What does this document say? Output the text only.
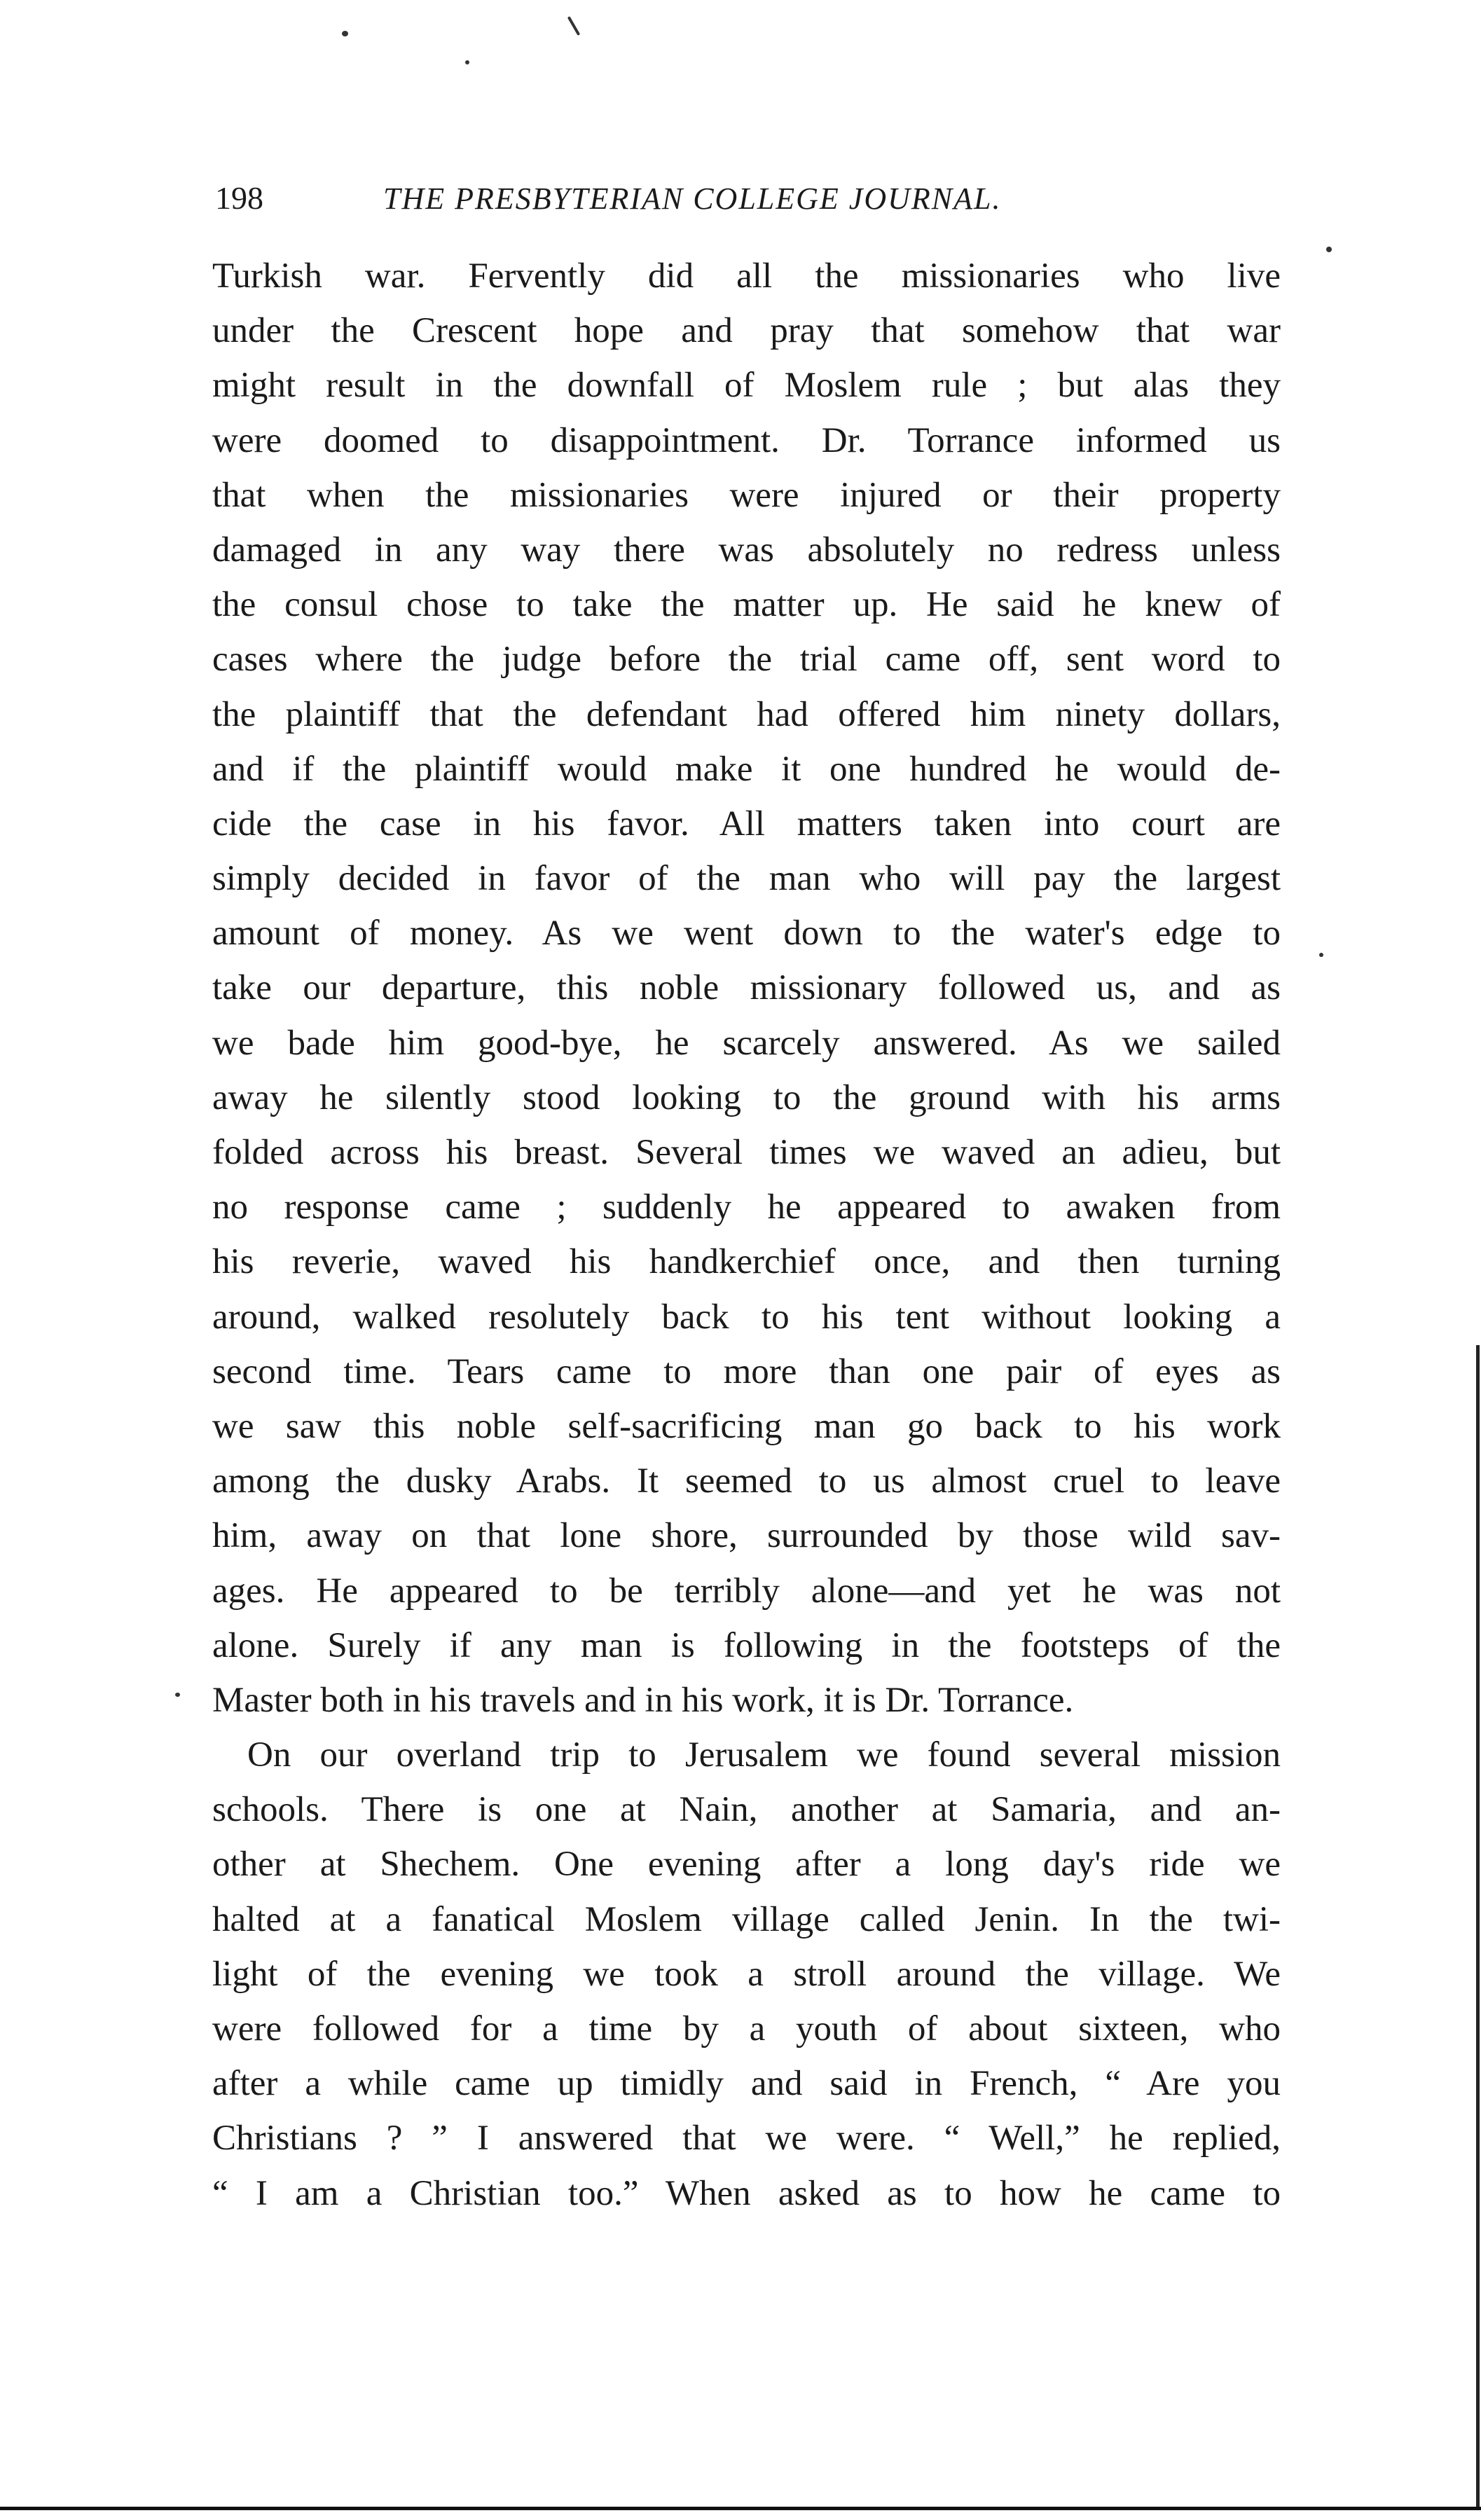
198	THE PRESBYTERIAN COLLEGE JOURNAL.
Turkish war. Fervently did all the missionaries who live
under the Crescent hope and pray that somehow that war
might result in the downfall of Moslem rule ; but alas they
were doomed to disappointment. Dr. Torrance informed us
that when the missionaries were injured or their property
damaged in any way there was absolutely no redress unless
the consul chose to take the matter up. He said he knew of
cases where the judge before the trial came off, sent word to
the plaintiff that the defendant had offered him ninety dollars,
and if the plaintiff would make it one hundred he would de-
cide the case in his favor. All matters taken into court are
simply decided in favor of the man who will pay the largest
amount of money. As we went down to the water's edge to
take our departure, this noble missionary followed us, and as
we bade him good-bye, he scarcely answered. As we sailed
away he silently stood looking to the ground with his arms
folded across his breast. Several times we waved an adieu, but
no response came ; suddenly he appeared to awaken from
his reverie, waved his handkerchief once, and then turning
around, walked resolutely back to his tent without looking a
second time. Tears came to more than one pair of eyes as
we saw this noble self-sacrificing man go back to his work
among the dusky Arabs. It seemed to us almost cruel to leave
him, away on that lone shore, surrounded by those wild sav-
ages. He appeared to be terribly alone—and yet he was not
alone. Surely if any man is following in the footsteps of the
Master both in his travels and in his work, it is Dr. Torrance.
On our overland trip to Jerusalem we found several mission
schools. There is one at Nain, another at Samaria, and an-
other at Shechem. One evening after a long day's ride we
halted at a fanatical Moslem village called Jenin. In the twi-
light of the evening we took a stroll around the village. We
were followed for a time by a youth of about sixteen, who
after a while came up timidly and said in French, “ Are you
Christians ? ” I answered that we were. “ Well,” he replied,
“ I am a Christian too.” When asked as to how he came to
